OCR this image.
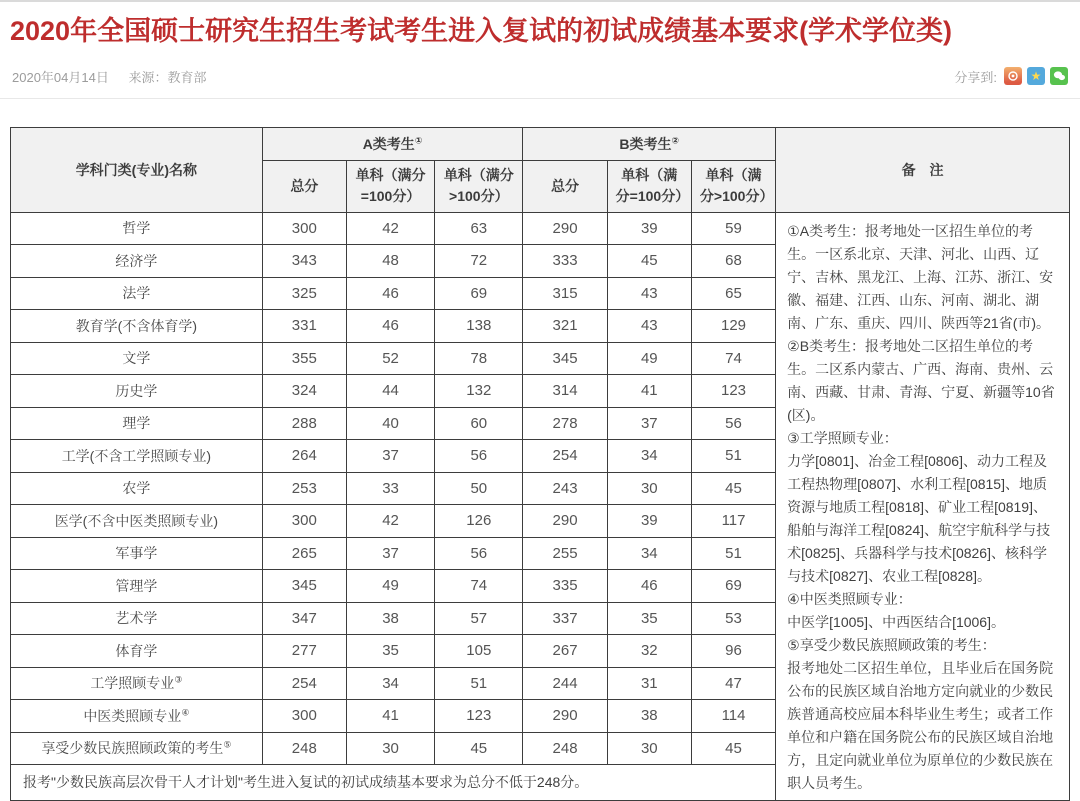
2020年全国硕士研究生招生考试考生进入复试的初试成绩基本要求(学术学位类)
2020年04月14日 来源：教育部	分享到:	★
学科门类(专业)名称	A类考生①			B类考生②			备　注
	总分	单科（满分=100分）	单科（满分>100分）	总分	单科（满分=100分）	单科（满分>100分）	
哲学	300	42	63	290	39	59	①A类考生：报考地处一区招生单位的考生。一区系北京、天津、河北、山西、辽宁、吉林、黑龙江、上海、江苏、浙江、安徽、福建、江西、山东、河南、湖北、湖南、广东、重庆、四川、陕西等21省(市)。

②B类考生：报考地处二区招生单位的考生。二区系内蒙古、广西、海南、贵州、云南、西藏、甘肃、青海、宁夏、新疆等10省(区)。

③工学照顾专业：

力学[0801]、冶金工程[0806]、动力工程及工程热物理[0807]、水利工程[0815]、地质资源与地质工程[0818]、矿业工程[0819]、船舶与海洋工程[0824]、航空宇航科学与技术[0825]、兵器科学与技术[0826]、核科学与技术[0827]、农业工程[0828]。

④中医类照顾专业：

中医学[1005]、中西医结合[1006]。

⑤享受少数民族照顾政策的考生：

报考地处二区招生单位，且毕业后在国务院公布的民族区域自治地方定向就业的少数民族普通高校应届本科毕业生考生；或者工作单位和户籍在国务院公布的民族区域自治地方，且定向就业单位为原单位的少数民族在职人员考生。

经济学	343	48	72	333	45	68	
法学	325	46	69	315	43	65	
教育学(不含体育学)	331	46	138	321	43	129	
文学	355	52	78	345	49	74	
历史学	324	44	132	314	41	123	
理学	288	40	60	278	37	56	
工学(不含工学照顾专业)	264	37	56	254	34	51	
农学	253	33	50	243	30	45	
医学(不含中医类照顾专业)	300	42	126	290	39	117	
军事学	265	37	56	255	34	51	
管理学	345	49	74	335	46	69	
艺术学	347	38	57	337	35	53	
体育学	277	35	105	267	32	96	
工学照顾专业③	254	34	51	244	31	47	
中医类照顾专业④	300	41	123	290	38	114	
享受少数民族照顾政策的考生⑤	248	30	45	248	30	45	
报考"少数民族高层次骨干人才计划"考生进入复试的初试成绩基本要求为总分不低于248分。							
